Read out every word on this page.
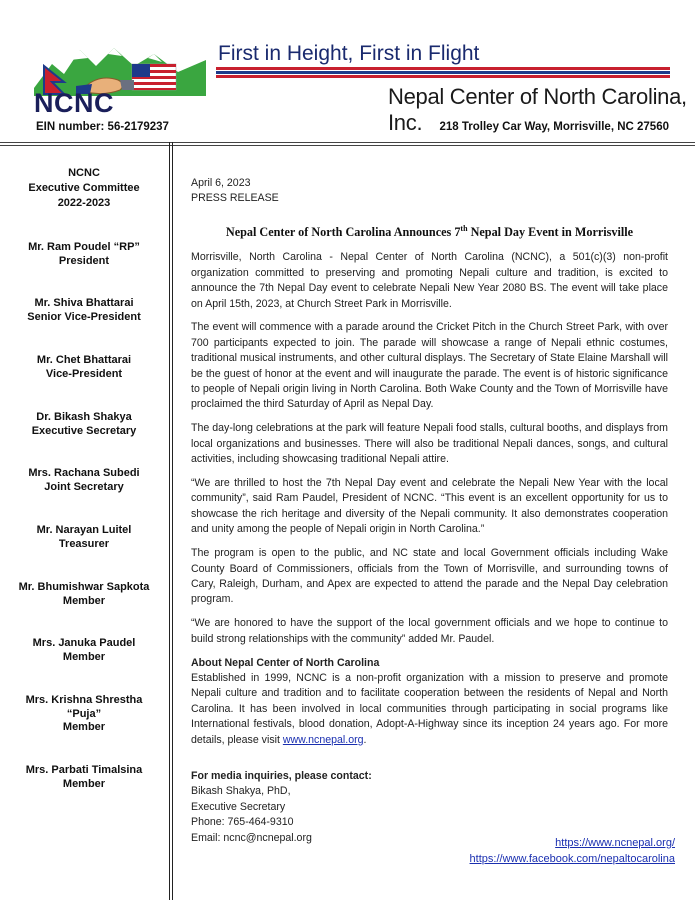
NCNC
First in Height, First in Flight
Nepal Center of North Carolina, Inc.
EIN number: 56-2179237	218 Trolley Car Way, Morrisville, NC 27560
NCNC
Executive Committee
2022-2023
Mr. Ram Poudel “RP”
President
Mr. Shiva Bhattarai
Senior Vice-President
Mr. Chet Bhattarai
Vice-President
Dr. Bikash Shakya
Executive Secretary
Mrs. Rachana Subedi
Joint Secretary
Mr. Narayan Luitel
Treasurer
Mr. Bhumishwar Sapkota
Member
Mrs. Januka Paudel
Member
Mrs. Krishna Shrestha
“Puja”
Member
Mrs. Parbati Timalsina
Member
April 6, 2023
PRESS RELEASE
Nepal Center of North Carolina Announces 7th Nepal Day Event in Morrisville

Morrisville, North Carolina - Nepal Center of North Carolina (NCNC), a 501(c)(3) non-profit organization committed to preserving and promoting Nepali culture and tradition, is excited to announce the 7th Nepal Day event to celebrate Nepali New Year 2080 BS. The event will take place on April 15th, 2023, at Church Street Park in Morrisville.

The event will commence with a parade around the Cricket Pitch in the Church Street Park, with over 700 participants expected to join. The parade will showcase a range of Nepali ethnic costumes, traditional musical instruments, and other cultural displays. The Secretary of State Elaine Marshall will be the guest of honor at the event and will inaugurate the parade. The event is of historic significance to people of Nepali origin living in North Carolina. Both Wake County and the Town of Morrisville have proclaimed the third Saturday of April as Nepal Day.

The day-long celebrations at the park will feature Nepali food stalls, cultural booths, and displays from local organizations and businesses. There will also be traditional Nepali dances, songs, and cultural activities, including showcasing traditional Nepali attire.

“We are thrilled to host the 7th Nepal Day event and celebrate the Nepali New Year with the local community”, said Ram Paudel, President of NCNC. “This event is an excellent opportunity for us to showcase the rich heritage and diversity of the Nepali community. It also demonstrates cooperation and unity among the people of Nepali origin in North Carolina.”

The program is open to the public, and NC state and local Government officials including Wake County Board of Commissioners, officials from the Town of Morrisville, and surrounding towns of Cary, Raleigh, Durham, and Apex are expected to attend the parade and the Nepal Day celebration program.

“We are honored to have the support of the local government officials and we hope to continue to build strong relationships with the community” added Mr. Paudel.

About Nepal Center of North Carolina

Established in 1999, NCNC is a non-profit organization with a mission to preserve and promote Nepali culture and tradition and to facilitate cooperation between the residents of Nepal and North Carolina. It has been involved in local communities through participating in social programs like International festivals, blood donation, Adopt-A-Highway since its inception 24 years ago. For more details, please visit www.ncnepal.org.

For media inquiries, please contact:
Bikash Shakya, PhD,
Executive Secretary
Phone: 765-464-9310
Email: ncnc@ncnepal.org	https://www.ncnepal.org/
https://www.facebook.com/nepaltocarolina
